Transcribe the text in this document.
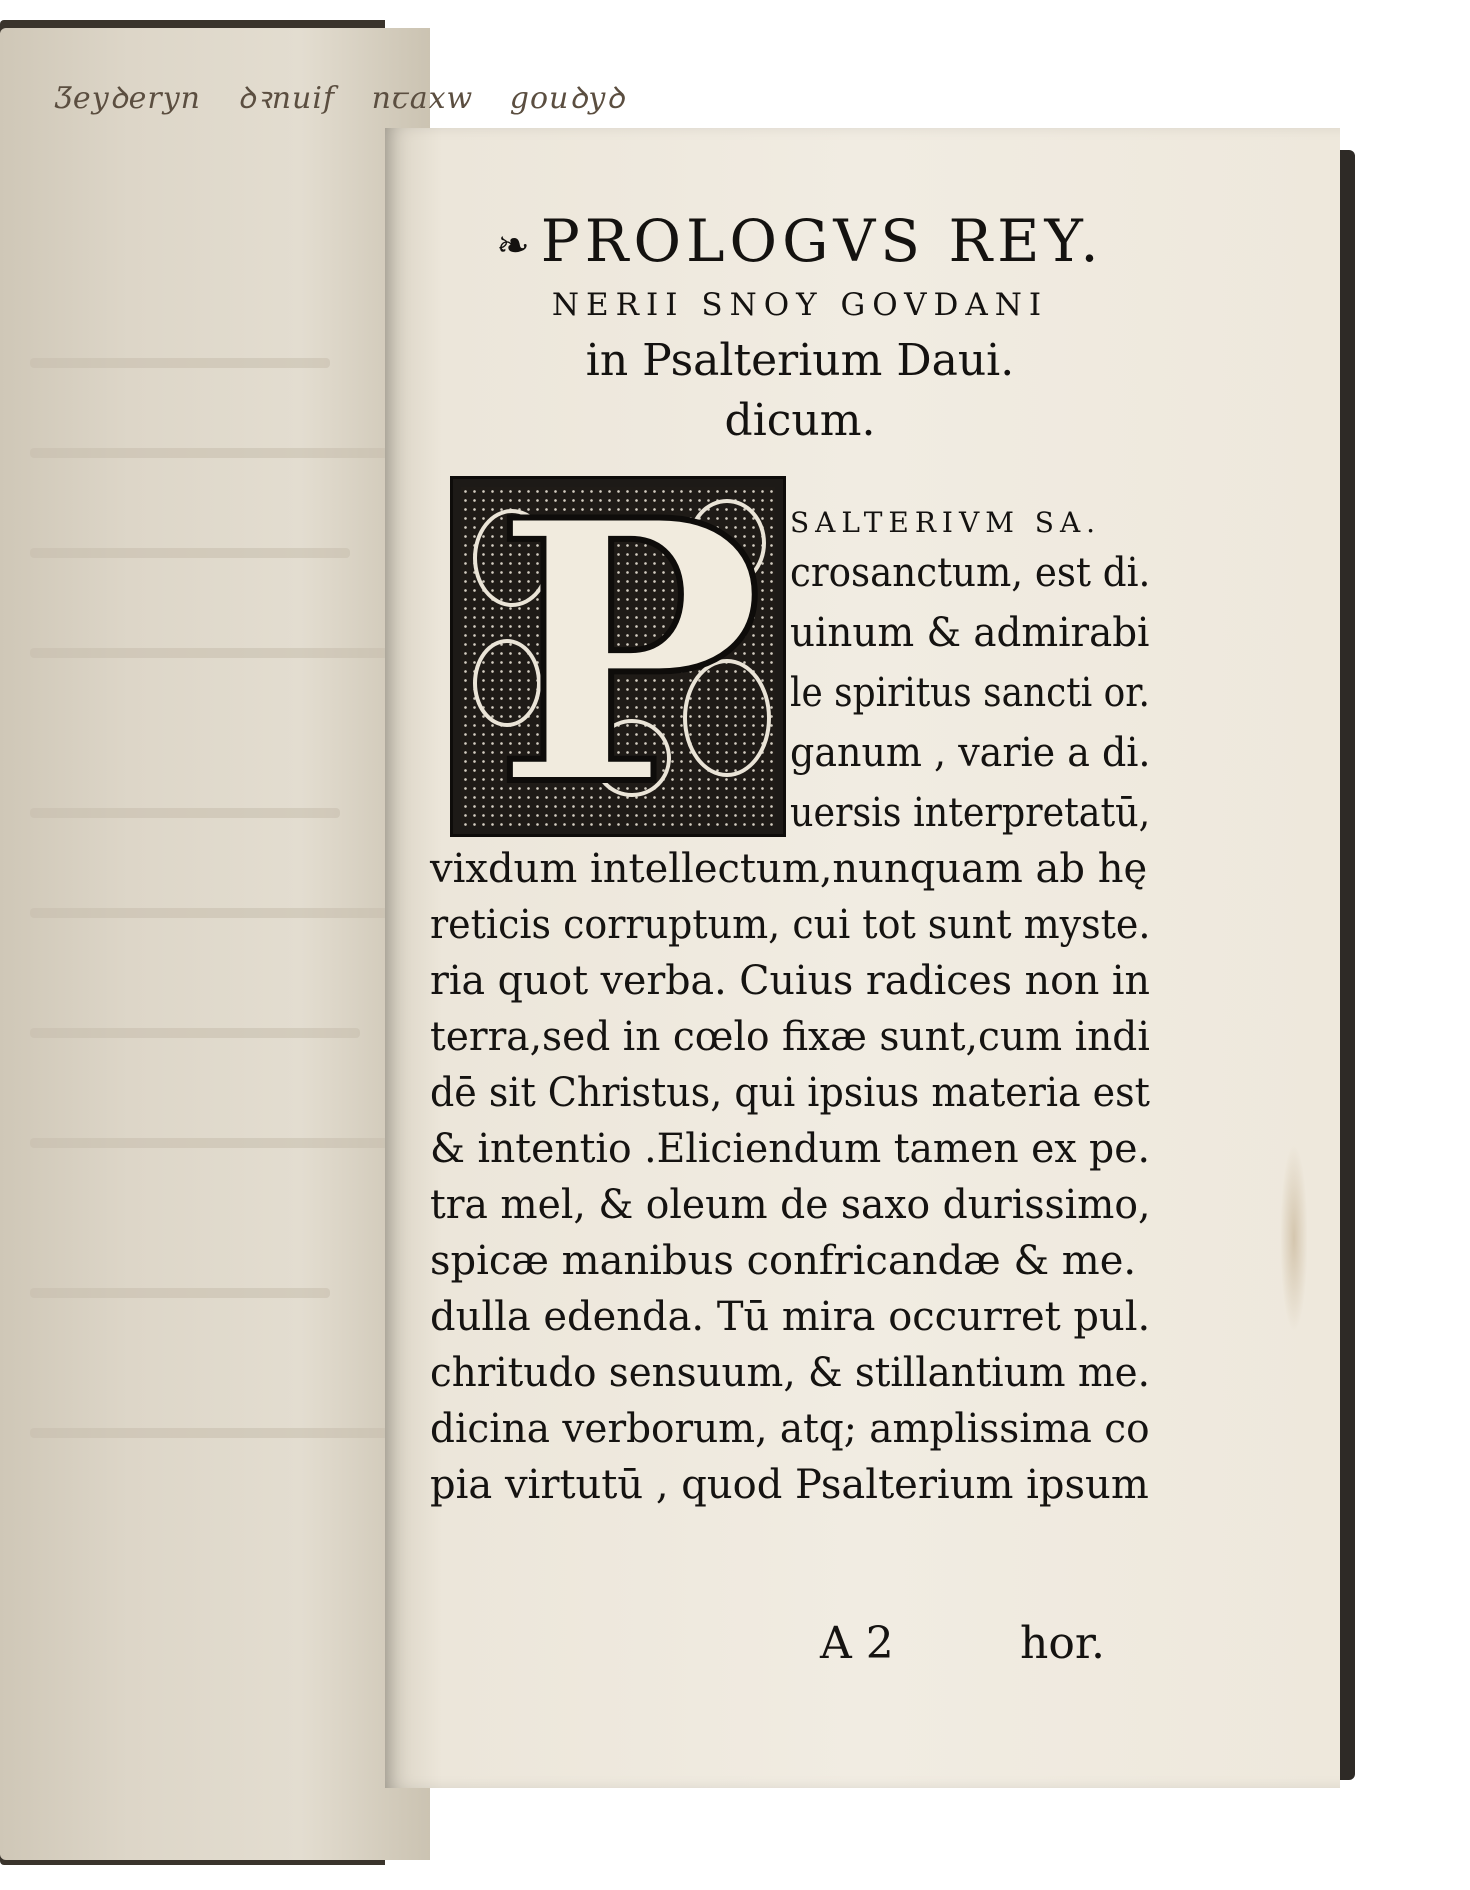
Ʒeyꝺeryn ꝺꝛnuif nꞇaxw gouꝺyꝺ
❧ PROLOGVS REY.
NERII SNOY GOVDANI
in Psalterium Daui.
dicum.
P SALTERIVM SA.
crosanctum, est di.
uinum & admirabi
le spiritus sancti or.
ganum , varie a di.
uersis interpretatū,
vixdum intellectum,nunquam ab hę
reticis corruptum, cui tot sunt myste.
ria quot verba. Cuius radices non in
terra,sed in cœlo fixæ sunt,cum indi
dē sit Christus, qui ipsius materia est
& intentio .Eliciendum tamen ex pe.
tra mel, & oleum de saxo durissimo,
spicæ manibus confricandæ & me.
dulla edenda. Tū mira occurret pul.
chritudo sensuum, & stillantium me.
dicina verborum, atq; amplissima co
pia virtutū , quod Psalterium ipsum
A 2	hor.
